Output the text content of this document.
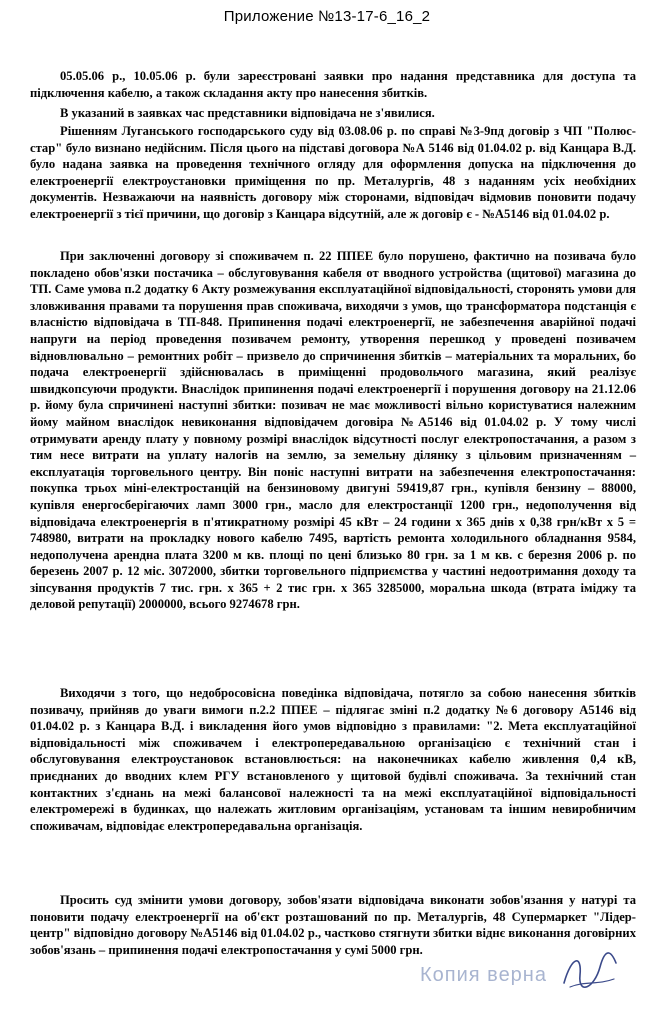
Приложение №13-17-6_16_2

05.05.06 р., 10.05.06 р. були зареєстровані заявки про надання представника для доступа та підключення кабелю, а також складання акту про нанесення збитків.

В указаний в заявках час представники відповідача не з'явилися.

Рішенням Луганського господарського суду від 03.08.06 р. по справі №3-9пд договір з ЧП "Полюс-стар" було визнано недійсним. Після цього на підставі договора №А 5146 від 01.04.02 р. від Канцара В.Д. було надана заявка на проведення технічного огляду для оформлення допуска на підключення до електроенергії електроустановки приміщення по пр. Металургів, 48 з наданням усіх необхідних документів. Незважаючи на наявність договору між сторонами, відповідач відмовив поновити подачу електроенергії з тієї причини, що договір з Канцара відсутній, але ж договір є - №А5146 від 01.04.02 р.

При заключенні договору зі споживачем п. 22 ППЕЕ було порушено, фактично на позивача було покладено обов'язки постачика – обслуговування кабеля от вводного устройства (щитової) магазина до ТП. Саме умова п.2 додатку 6 Акту розмежування експлуатаційної відповідальності, сторонять умови для зловживання правами та порушення прав споживача, виходячи з умов, що трансформатора подстанція є власністю відповідача в ТП-848. Припинення подачі електроенергії, не забезпечення аварійної подачі напруги на період проведення позивачем ремонту, утворення перешкод у проведені позивачем відновлювально – ремонтних робіт – призвело до спричинення збитків – матеріальних та моральних, бо подача електроенергії здійснювалась в приміщенні продовольчого магазина, який реалізує швидкопсуючи продукти. Внаслідок припинення подачі електроенергії і порушення договору на 21.12.06 р. йому була спричинені наступні збитки: позивач не має можливості вільно користуватися належним йому майном внаслідок невиконання відповідачем договіра №А5146 від 01.04.02 р. У тому числі отримувати аренду плату у повному розмірі внаслідок відсутності послуг електропостачання, а разом з тим несе витрати на уплату налогів на землю, за земельну ділянку з цільовим призначенням – експлуатація торговельного центру. Він поніс наступні витрати на забезпечення електропостачання: покупка трьох міні-електростанцій на бензиновому двигуні 59419,87 грн., купівля бензину – 88000, купівля енергосберігаючих ламп 3000 грн., масло для електростанції 1200 грн., недополучення від відповідача електроенергія в п'ятикратному розмірі 45 кВт – 24 години х 365 днів х 0,38 грн/кВт х 5 = 748980, витрати на прокладку нового кабелю 7495, вартість ремонта холодильного обладнання 9584, недополучена арендна плата 3200 м кв. площі по цені близько 80 грн. за 1 м кв. с березня 2006 р. по березень 2007 р. 12 міс. 3072000, збитки торговельного підприємства у частині недоотримання доходу та зіпсування продуктів 7 тис. грн. х 365 + 2 тис грн. х 365 3285000, моральна шкода (втрата іміджу та деловой репутації) 2000000, всього 9274678 грн.

Виходячи з того, що недобросовісна поведінка відповідача, потягло за собою нанесення збитків позивачу, прийняв до уваги вимоги п.2.2 ППЕЕ – підлягає зміні п.2 додатку №6 договору А5146 від 01.04.02 р. з Канцара В.Д. і викладення його умов відповідно з правилами: "2. Мета експлуатаційної відповідальності між споживачем і електропередавальною організацією є технічний стан і обслуговування електроустановок встановлюється: на наконечниках кабелю живлення 0,4 кВ, приєднаних до вводних клем РГУ встановленого у щитовой будівлі споживача. За технічний стан контактних з'єднань на межі балансової належності та на межі експлуатаційної відповідальності електромережі в будинках, що належать житловим організаціям, установам та іншим невиробничим споживачам, відповідає електропередавальна організація.

Просить суд змінити умови договору, зобов'язати відповідача виконати зобов'язання у натурі та поновити подачу електроенергії на об'єкт розташований по пр. Металургів, 48 Супермаркет "Лідер-центр" відповідно договору №А5146 від 01.04.02 р., частково стягнути збитки віднє виконання договірних зобов'язань – припинення подачі електропостачання у сумі 5000 грн.

Копия верна
